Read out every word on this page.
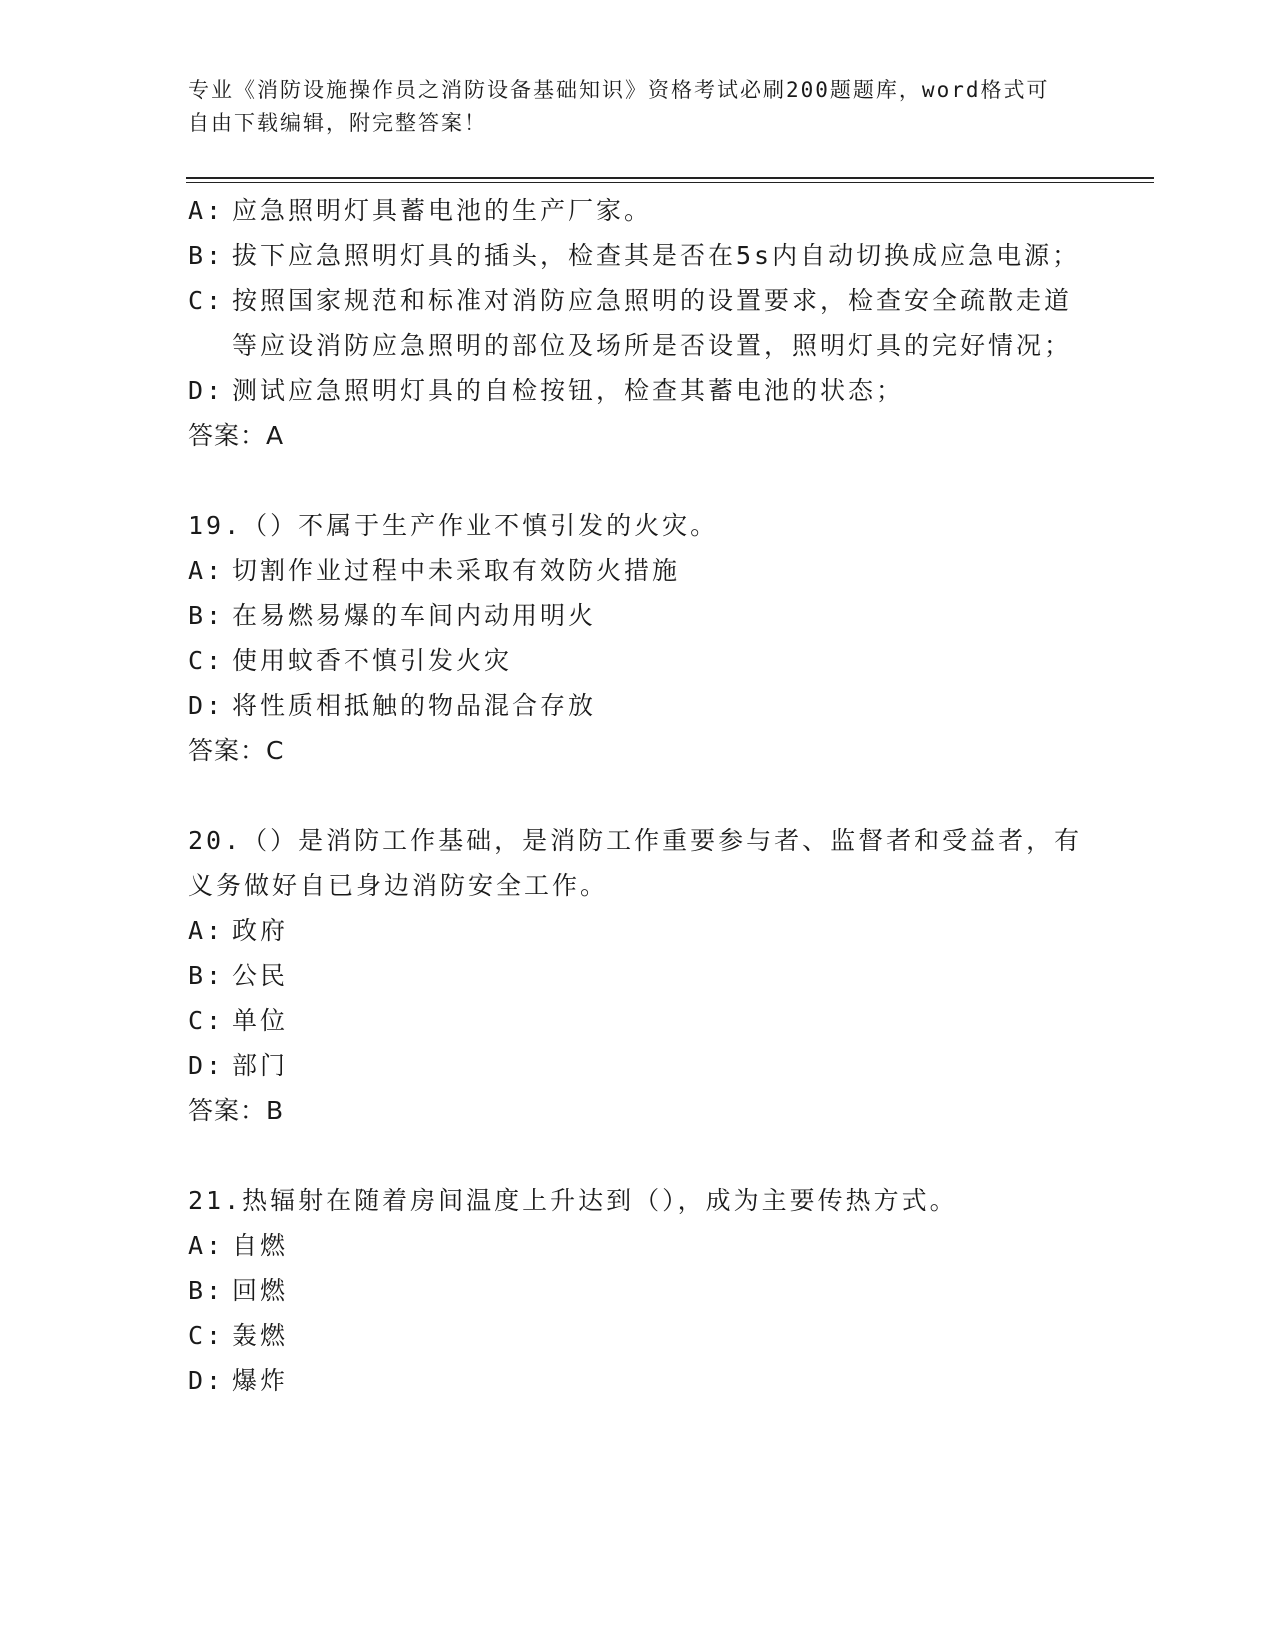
专业《消防设施操作员之消防设备基础知识》资格考试必刷200题题库，word格式可自由下载编辑，附完整答案！
A: 应急照明灯具蓄电池的生产厂家。
B: 拔下应急照明灯具的插头，检查其是否在5s内自动切换成应急电源；
C: 按照国家规范和标准对消防应急照明的设置要求，检查安全疏散走道等应设消防应急照明的部位及场所是否设置，照明灯具的完好情况；
D: 测试应急照明灯具的自检按钮，检查其蓄电池的状态；
答案：A
19.（）不属于生产作业不慎引发的火灾。
A: 切割作业过程中未采取有效防火措施
B: 在易燃易爆的车间内动用明火
C: 使用蚊香不慎引发火灾
D: 将性质相抵触的物品混合存放
答案：C
20.（）是消防工作基础，是消防工作重要参与者、监督者和受益者，有义务做好自已身边消防安全工作。
A: 政府
B: 公民
C: 单位
D: 部门
答案：B
21.热辐射在随着房间温度上升达到（），成为主要传热方式。
A: 自燃
B: 回燃
C: 轰燃
D: 爆炸
